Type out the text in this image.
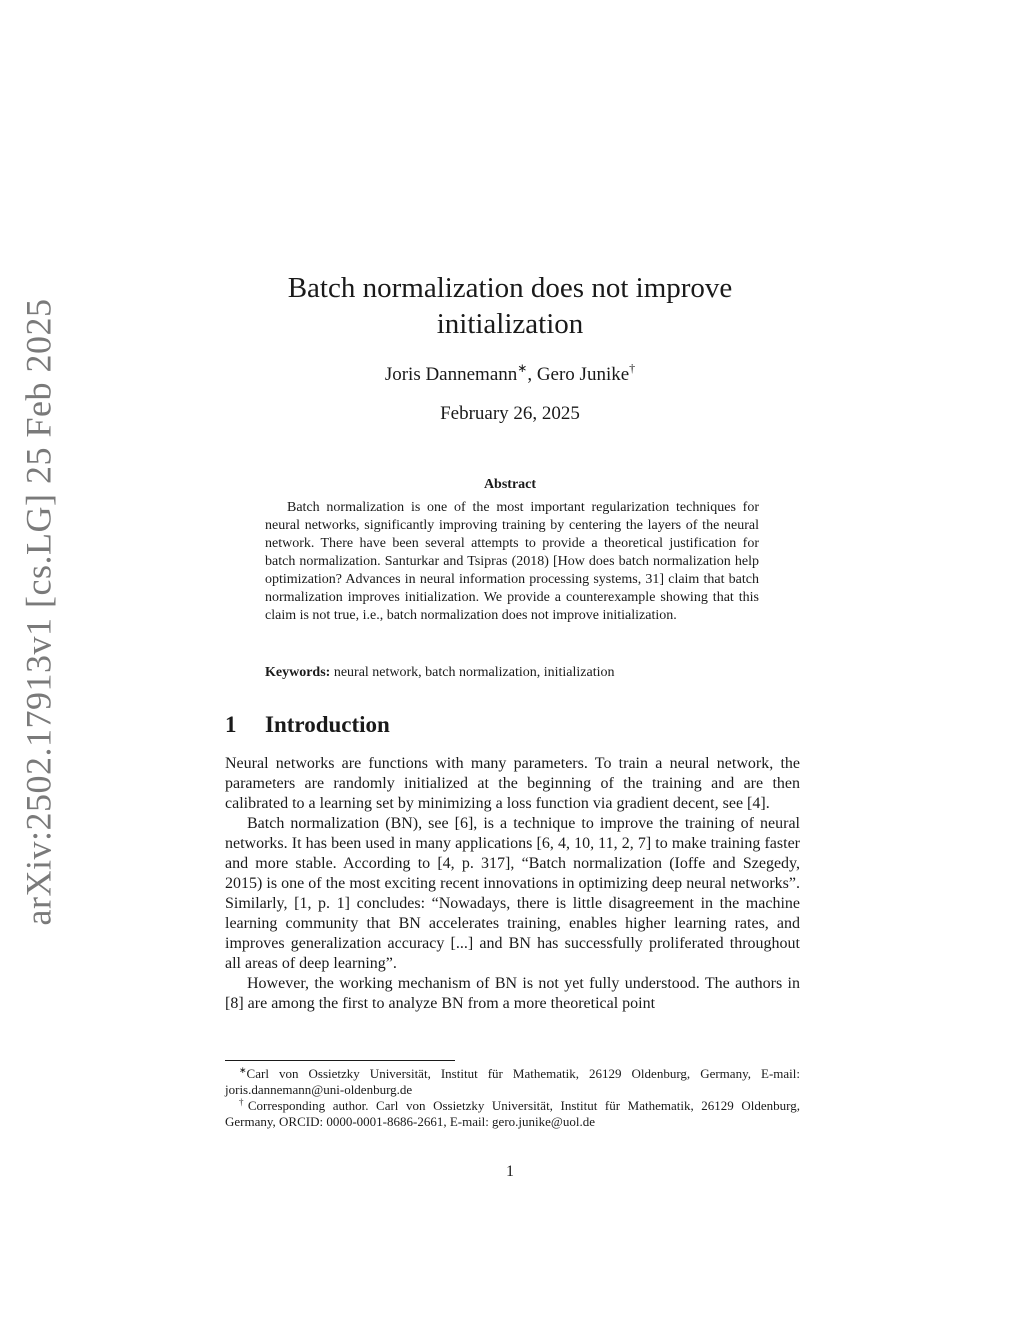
arXiv:2502.17913v1 [cs.LG] 25 Feb 2025
Batch normalization does not improve
initialization
Joris Dannemann∗, Gero Junike†
February 26, 2025
Abstract

Batch normalization is one of the most important regularization techniques for neural networks, significantly improving training by centering the layers of the neural network. There have been several attempts to provide a theoretical justification for batch normalization. Santurkar and Tsipras (2018) [How does batch normalization help optimization? Advances in neural information processing systems, 31] claim that batch normalization improves initialization. We provide a counterexample showing that this claim is not true, i.e., batch normalization does not improve initialization.

Keywords: neural network, batch normalization, initialization
1 Introduction

Neural networks are functions with many parameters. To train a neural network, the parameters are randomly initialized at the beginning of the training and are then calibrated to a learning set by minimizing a loss function via gradient decent, see [4].

Batch normalization (BN), see [6], is a technique to improve the training of neural networks. It has been used in many applications [6, 4, 10, 11, 2, 7] to make training faster and more stable. According to [4, p. 317], “Batch normalization (Ioffe and Szegedy, 2015) is one of the most exciting recent innovations in optimizing deep neural networks”. Similarly, [1, p. 1] concludes: “Nowadays, there is little disagreement in the machine learning community that BN accelerates training, enables higher learning rates, and improves generalization accuracy [...] and BN has successfully proliferated throughout all areas of deep learning”.

However, the working mechanism of BN is not yet fully understood. The authors in [8] are among the first to analyze BN from a more theoretical point

∗Carl von Ossietzky Universität, Institut für Mathematik, 26129 Oldenburg, Germany, E-mail: joris.dannemann@uni-oldenburg.de

†Corresponding author. Carl von Ossietzky Universität, Institut für Mathematik, 26129 Oldenburg, Germany, ORCID: 0000-0001-8686-2661, E-mail: gero.junike@uol.de

1
